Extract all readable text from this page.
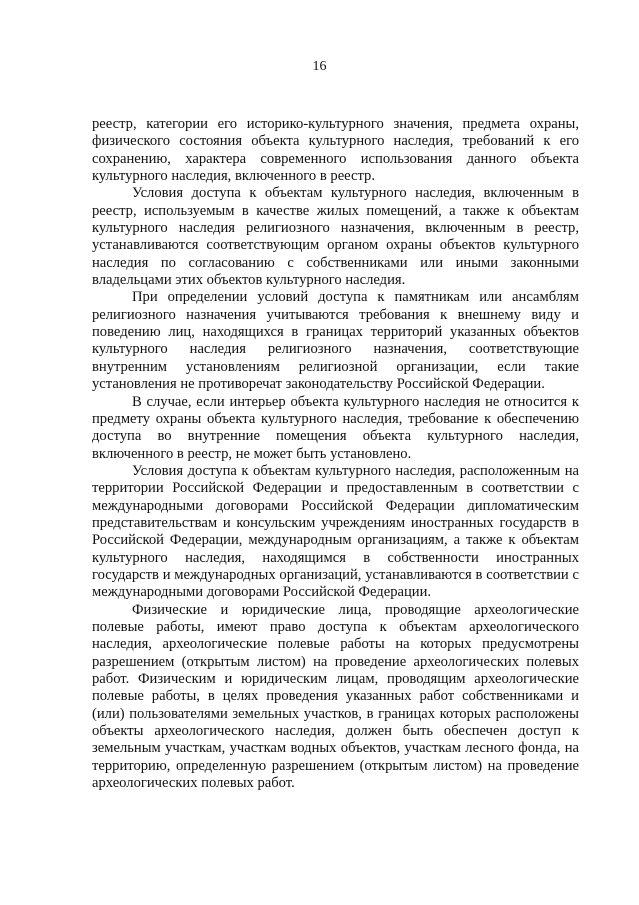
16

реестр, категории его историко-культурного значения, предмета охраны, физического состояния объекта культурного наследия, требований к его сохранению, характера современного использования данного объекта культурного наследия, включенного в реестр.

Условия доступа к объектам культурного наследия, включенным в реестр, используемым в качестве жилых помещений, а также к объектам культурного наследия религиозного назначения, включенным в реестр, устанавливаются соответствующим органом охраны объектов культурного наследия по согласованию с собственниками или иными законными владельцами этих объектов культурного наследия.

При определении условий доступа к памятникам или ансамблям религиозного назначения учитываются требования к внешнему виду и поведению лиц, находящихся в границах территорий указанных объектов культурного наследия религиозного назначения, соответствующие внутренним установлениям религиозной организации, если такие установления не противоречат законодательству Российской Федерации.

В случае, если интерьер объекта культурного наследия не относится к предмету охраны объекта культурного наследия, требование к обеспечению доступа во внутренние помещения объекта культурного наследия, включенного в реестр, не может быть установлено.

Условия доступа к объектам культурного наследия, расположенным на территории Российской Федерации и предоставленным в соответствии с международными договорами Российской Федерации дипломатическим представительствам и консульским учреждениям иностранных государств в Российской Федерации, международным организациям, а также к объектам культурного наследия, находящимся в собственности иностранных государств и международных организаций, устанавливаются в соответствии с международными договорами Российской Федерации.

Физические и юридические лица, проводящие археологические полевые работы, имеют право доступа к объектам археологического наследия, археологические полевые работы на которых предусмотрены разрешением (открытым листом) на проведение археологических полевых работ. Физическим и юридическим лицам, проводящим археологические полевые работы, в целях проведения указанных работ собственниками и (или) пользователями земельных участков, в границах которых расположены объекты археологического наследия, должен быть обеспечен доступ к земельным участкам, участкам водных объектов, участкам лесного фонда, на территорию, определенную разрешением (открытым листом) на проведение археологических полевых работ.
